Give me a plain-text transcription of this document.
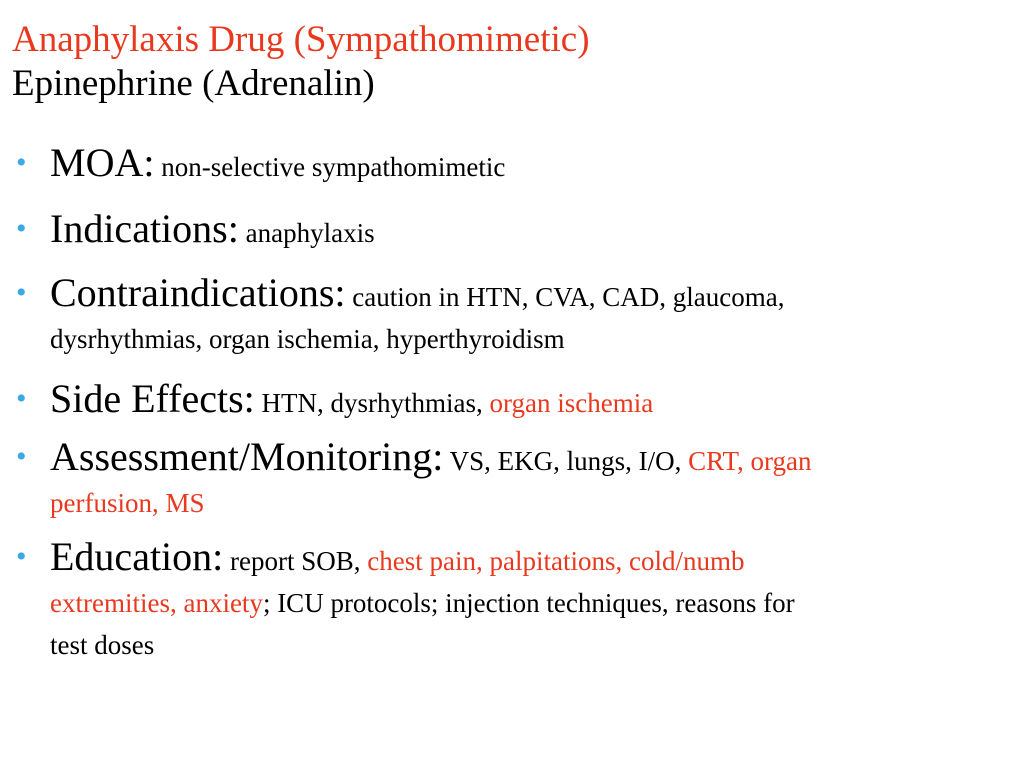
Anaphylaxis Drug (Sympathomimetic)

Epinephrine (Adrenalin)

• MOA: non-selective sympathomimetic
• Indications: anaphylaxis
• Contraindications: caution in HTN, CVA, CAD, glaucoma,
dysrhythmias, organ ischemia, hyperthyroidism
• Side Effects: HTN, dysrhythmias, organ ischemia
• Assessment/Monitoring: VS, EKG, lungs, I/O, CRT, organ
perfusion, MS
• Education: report SOB, chest pain, palpitations, cold/numb
extremities, anxiety; ICU protocols; injection techniques, reasons for
test doses
